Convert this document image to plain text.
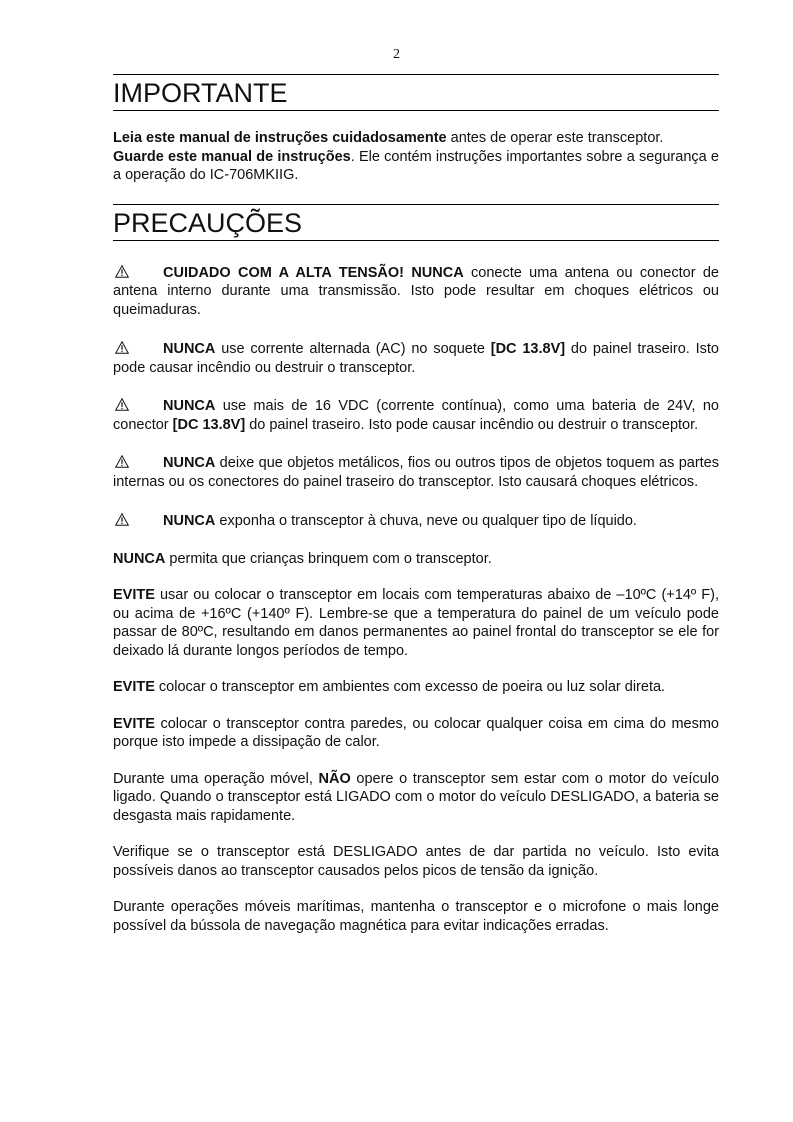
2
IMPORTANTE

Leia este manual de instruções cuidadosamente antes de operar este transceptor.

Guarde este manual de instruções. Ele contém instruções importantes sobre a segurança e a operação do IC-706MKIIG.

PRECAUÇÕES

CUIDADO COM A ALTA TENSÃO! NUNCA conecte uma antena ou conector de antena interno durante uma transmissão. Isto pode resultar em choques elétricos ou queimaduras.

NUNCA use corrente alternada (AC) no soquete [DC 13.8V] do painel traseiro. Isto pode causar incêndio ou destruir o transceptor.

NUNCA use mais de 16 VDC (corrente contínua), como uma bateria de 24V, no conector [DC 13.8V] do painel traseiro. Isto pode causar incêndio ou destruir o transceptor.

NUNCA deixe que objetos metálicos, fios ou outros tipos de objetos toquem as partes internas ou os conectores do painel traseiro do transceptor. Isto causará choques elétricos.

NUNCA exponha o transceptor à chuva, neve ou qualquer tipo de líquido.

NUNCA permita que crianças brinquem com o transceptor.

EVITE usar ou colocar o transceptor em locais com temperaturas abaixo de –10ºC (+14º F), ou acima de +16ºC (+140º F). Lembre-se que a temperatura do painel de um veículo pode passar de 80ºC, resultando em danos permanentes ao painel frontal do transceptor se ele for deixado lá durante longos períodos de tempo.

EVITE colocar o transceptor em ambientes com excesso de poeira ou luz solar direta.

EVITE colocar o transceptor contra paredes, ou colocar qualquer coisa em cima do mesmo porque isto impede a dissipação de calor.

Durante uma operação móvel, NÃO opere o transceptor sem estar com o motor do veículo ligado. Quando o transceptor está LIGADO com o motor do veículo DESLIGADO, a bateria se desgasta mais rapidamente.

Verifique se o transceptor está DESLIGADO antes de dar partida no veículo. Isto evita possíveis danos ao transceptor causados pelos picos de tensão da ignição.

Durante operações móveis marítimas, mantenha o transceptor e o microfone o mais longe possível da bússola de navegação magnética para evitar indicações erradas.
